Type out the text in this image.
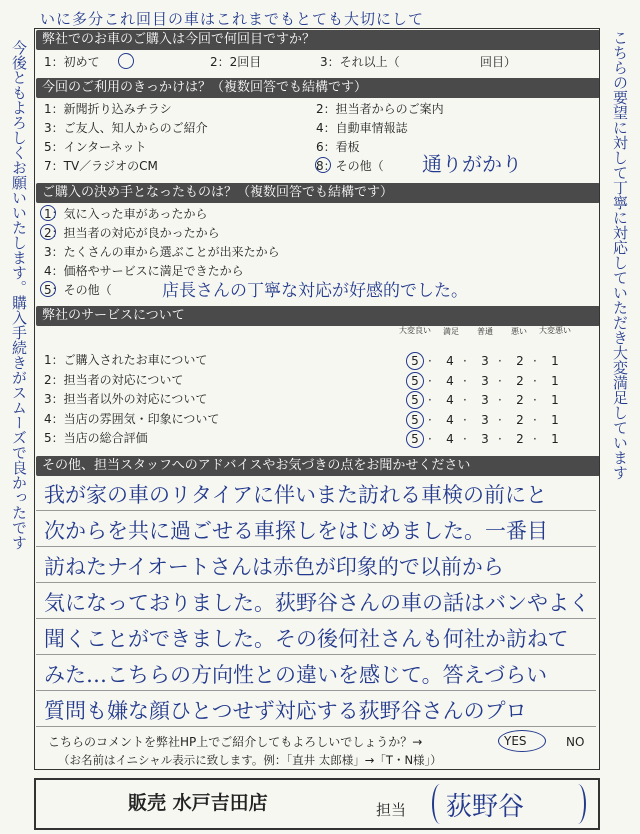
いに多分これ回目の車はこれまでもとても大切にして
今後ともよろしくお願いいたします。購入手続きがスムーズで良かったです	こちらの要望に対して丁寧に対応していただき大変満足しています
弊社でのお車のご購入は今回で何回目ですか？
1：初めて	2：2回目	3：それ以上（	回目）
今回のご利用のきっかけは？（複数回答でも結構です）
1：新聞折り込みチラシ	2：担当者からのご案内
3：ご友人、知人からのご紹介	4：自動車情報誌
5：インターネット	6：看板
7：TV／ラジオのCM	8：その他（ 通りがかり
ご購入の決め手となったものは？（複数回答でも結構です）
1：気に入った車があったから
2：担当者の対応が良かったから
3：たくさんの車から選ぶことが出来たから
4：価格やサービスに満足できたから
5：その他（	店長さんの丁寧な対応が好感的でした。
弊社のサービスについて
大変良い	満足	普通	悪い	大変悪い
1：ご購入されたお車について	5 ·	4 ·	3 ·	2 ·	1
2：担当者の対応について	5 ·	4 ·	3 ·	2 ·	1
3：担当者以外の対応について	5 ·	4 ·	3 ·	2 ·	1
4：当店の雰囲気・印象について	5 ·	4 ·	3 ·	2 ·	1
5：当店の総合評価	5 ·	4 ·	3 ·	2 ·	1
その他、担当スタッフへのアドバイスやお気づきの点をお聞かせください
我が家の車のリタイアに伴いまた訪れる車検の前にと
次からを共に過ごせる車探しをはじめました。一番目
訪ねたナイオートさんは赤色が印象的で以前から
気になっておりました。荻野谷さんの車の話はバンやよく
聞くことができました。その後何社さんも何社か訪ねて
みた…こちらの方向性との違いを感じて。答えづらい
質問も嫌な顔ひとつせず対応する荻野谷さんのプロ
こちらのコメントを弊社HP上でご紹介してもよろしいでしょうか？→	YES	NO
（お名前はイニシャル表示に致します。例：「直井 太郎様」→「T・N様」）
販売 水戸吉田店	担当 荻野谷
